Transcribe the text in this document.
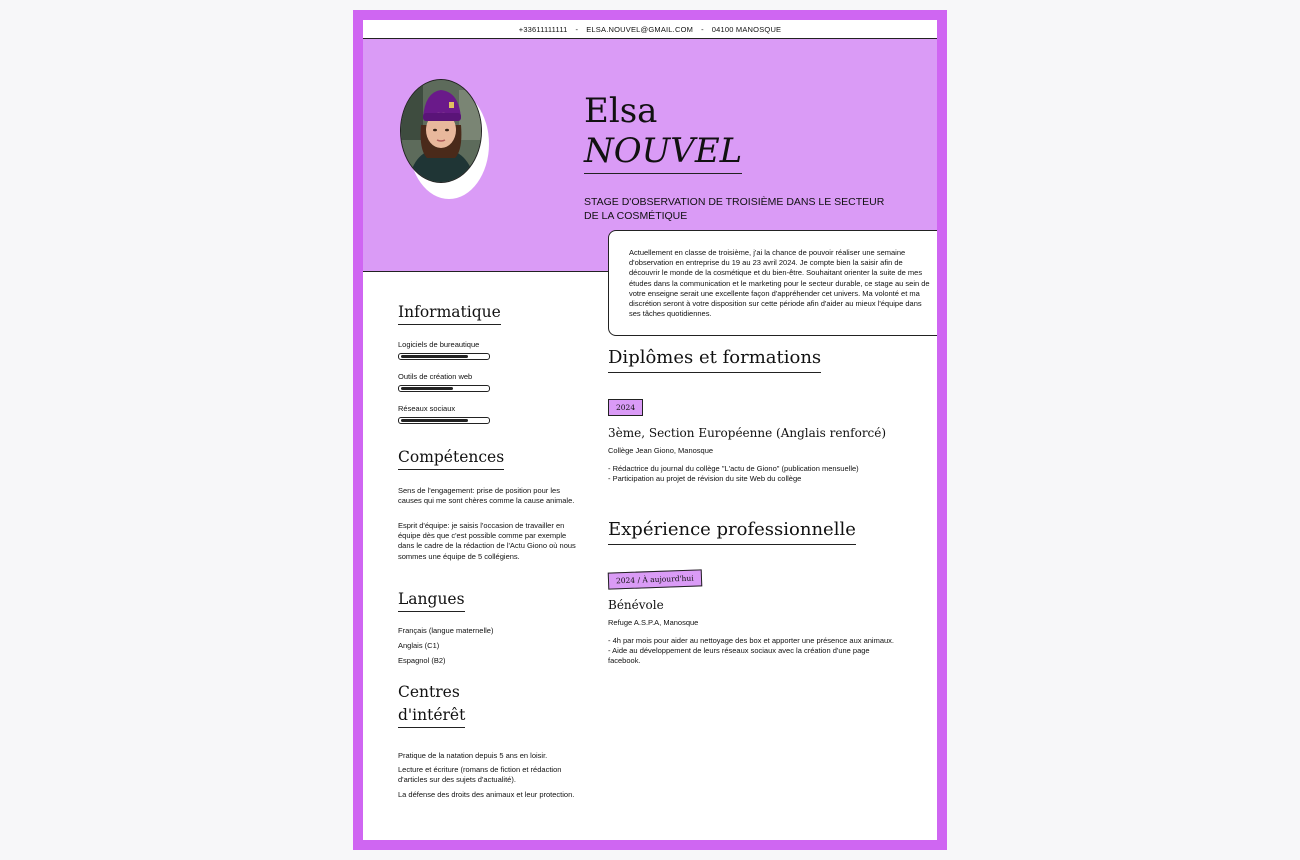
+33611111111 - ELSA.NOUVEL@GMAIL.COM - 04100 MANOSQUE
Elsa
NOUVEL
STAGE D'OBSERVATION DE TROISIÈME DANS LE SECTEUR
DE LA COSMÉTIQUE
Actuellement en classe de troisième, j'ai la chance de pouvoir réaliser une semaine d'observation en entreprise du 19 au 23 avril 2024. Je compte bien la saisir afin de découvrir le monde de la cosmétique et du bien-être. Souhaitant orienter la suite de mes études dans la communication et le marketing pour le secteur durable, ce stage au sein de votre enseigne serait une excellente façon d'appréhender cet univers. Ma volonté et ma discrétion seront à votre disposition sur cette période afin d'aider au mieux l'équipe dans ses tâches quotidiennes.
Informatique
Logiciels de bureautique
Outils de création web
Réseaux sociaux
Compétences
Sens de l'engagement: prise de position pour les causes qui me sont chères comme la cause animale.
Esprit d'équipe: je saisis l'occasion de travailler en équipe dès que c'est possible comme par exemple dans le cadre de la rédaction de l'Actu Giono où nous sommes une équipe de 5 collégiens.
Langues
Français (langue maternelle)
Anglais (C1)
Espagnol (B2)
Centres
d'intérêt
Pratique de la natation depuis 5 ans en loisir.
Lecture et écriture (romans de fiction et rédaction d'articles sur des sujets d'actualité).
La défense des droits des animaux et leur protection.
Diplômes et formations
2024
3ème, Section Européenne (Anglais renforcé)
Collège Jean Giono, Manosque
- Rédactrice du journal du collège "L'actu de Giono" (publication mensuelle)
- Participation au projet de révision du site Web du collège
Expérience professionnelle
2024 / À aujourd'hui
Bénévole
Refuge A.S.P.A, Manosque
- 4h par mois pour aider au nettoyage des box et apporter une présence aux animaux.
- Aide au développement de leurs réseaux sociaux avec la création d'une page facebook.
